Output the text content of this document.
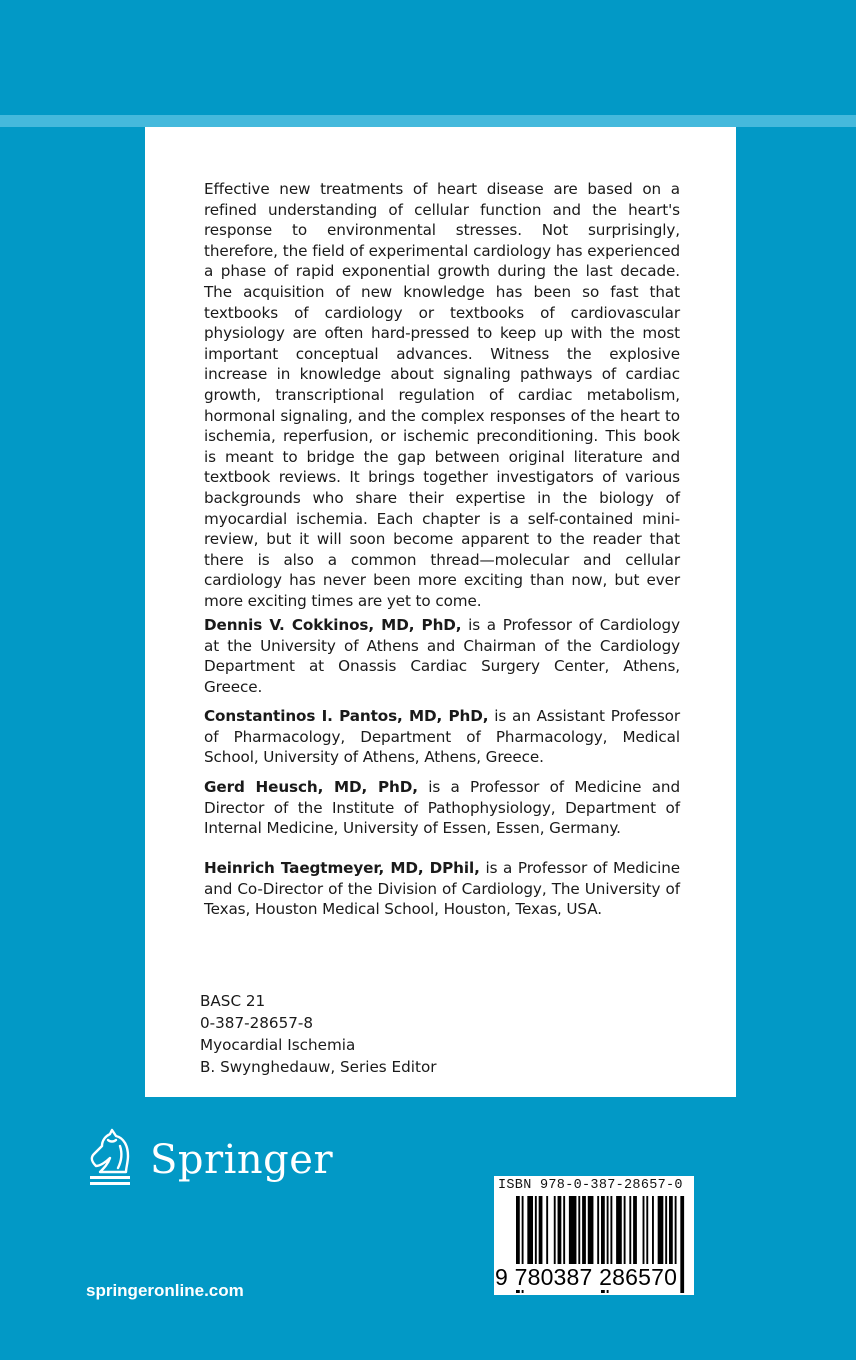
Effective new treatments of heart disease are based on a refined understanding of cellular function and the heart's response to environmental stresses. Not surprisingly, therefore, the field of experimental cardiology has experienced a phase of rapid exponential growth during the last decade. The acquisition of new knowledge has been so fast that textbooks of cardiology or textbooks of cardiovascular physiology are often hard-pressed to keep up with the most important conceptual advances. Witness the explosive increase in knowledge about signaling pathways of cardiac growth, transcriptional regulation of cardiac metabolism, hormonal signaling, and the complex responses of the heart to ischemia, reperfusion, or ischemic preconditioning. This book is meant to bridge the gap between original literature and textbook reviews. It brings together investigators of various backgrounds who share their expertise in the biology of myocardial ischemia. Each chapter is a self-contained mini-review, but it will soon become apparent to the reader that there is also a common thread—molecular and cellular cardiology has never been more exciting than now, but ever more exciting times are yet to come.

Dennis V. Cokkinos, MD, PhD, is a Professor of Cardiology at the University of Athens and Chairman of the Cardiology Department at Onassis Cardiac Surgery Center, Athens, Greece.

Constantinos I. Pantos, MD, PhD, is an Assistant Professor of Pharmacology, Department of Pharmacology, Medical School, University of Athens, Athens, Greece.

Gerd Heusch, MD, PhD, is a Professor of Medicine and Director of the Institute of Pathophysiology, Department of Internal Medicine, University of Essen, Essen, Germany.

Heinrich Taegtmeyer, MD, DPhil, is a Professor of Medicine and Co-Director of the Division of Cardiology, The University of Texas, Houston Medical School, Houston, Texas, USA.

BASC 21
0-387-28657-8
Myocardial Ischemia
B. Swynghedauw, Series Editor
Springer
springeronline.com
ISBN 978-0-387-28657-0
9 780387 286570
